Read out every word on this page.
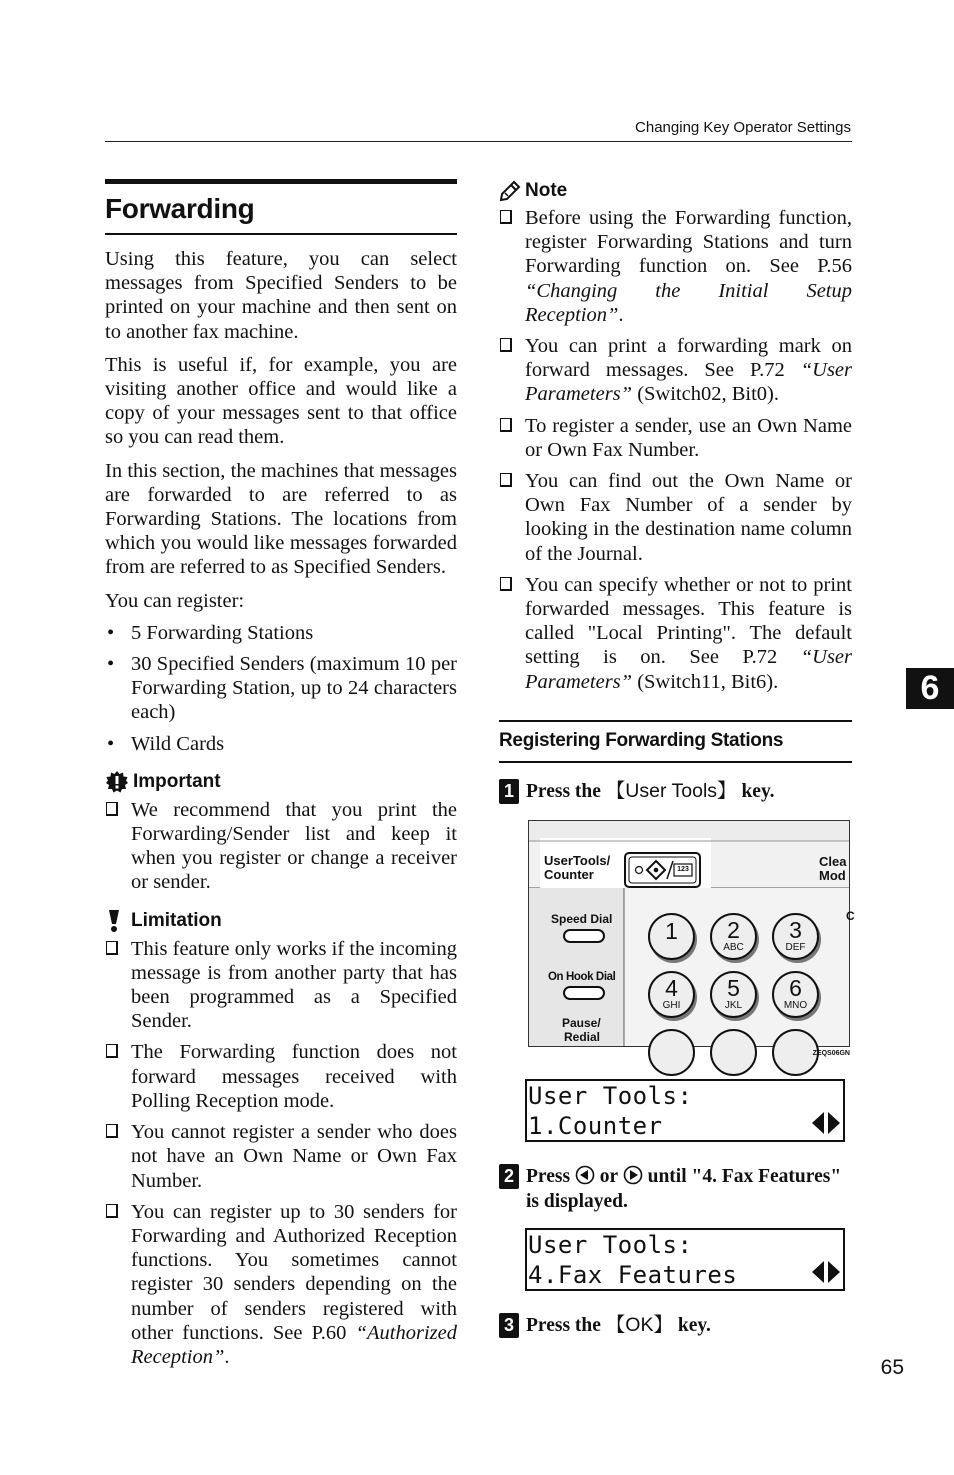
Changing Key Operator Settings
Forwarding

Using this feature, you can select messages from Specified Senders to be printed on your machine and then sent on to another fax machine.

This is useful if, for example, you are visiting another office and would like a copy of your messages sent to that office so you can read them.

In this section, the machines that messages are forwarded to are referred to as Forwarding Stations. The locations from which you would like messages forwarded from are referred to as Specified Senders.

You can register:

• 5 Forwarding Stations
• 30 Specified Senders (maximum 10 per Forwarding Station, up to 24 characters each)
• Wild Cards
Important
We recommend that you print the Forwarding/Sender list and keep it when you register or change a receiver or sender.
Limitation
This feature only works if the incoming message is from another party that has been programmed as a Specified Sender.
The Forwarding function does not forward messages received with Polling Reception mode.
You cannot register a sender who does not have an Own Name or Own Fax Number.
You can register up to 30 senders for Forwarding and Authorized Reception functions. You sometimes cannot register 30 senders depending on the number of senders registered with other functions. See P.60 “Authorized Reception”.
Note
Before using the Forwarding function, register Forwarding Stations and turn Forwarding function on. See P.56 “Changing the Initial Setup Reception”.
You can print a forwarding mark on forward messages. See P.72 “User Parameters” (Switch02, Bit0).
To register a sender, use an Own Name or Own Fax Number.
You can find out the Own Name or Own Fax Number of a sender by looking in the destination name column of the Journal.
You can specify whether or not to print forwarded messages. This feature is called "Local Printing". The default setting is on. See P.72 “User Parameters” (Switch11, Bit6).
Registering Forwarding Stations
1 Press the 【User Tools】 key.
C
UserTools/
Counter	123
Clea
Mod
Speed Dial
On Hook Dial
Pause/
Redial
1	2
ABC
3
DEF
4
GHI
5
JKL
6
MNO
ZEQS06GN
User Tools:
1.Counter
2 Press  or  until "4. Fax Features" is displayed.
User Tools:
4.Fax Features
3 Press the 【OK】 key.
6
65
